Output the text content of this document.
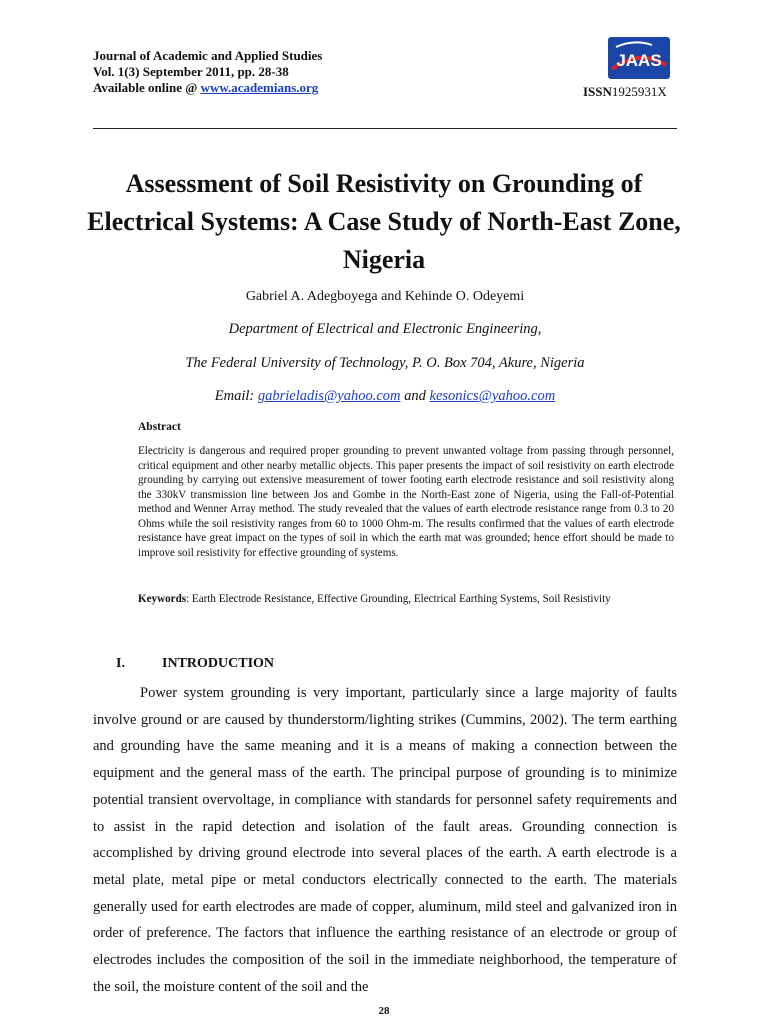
Journal of Academic and Applied Studies
Vol. 1(3) September 2011, pp. 28-38
Available online @ www.academians.org
JAAS
ISSN1925931X
Assessment of Soil Resistivity on Grounding of Electrical Systems: A Case Study of North-East Zone, Nigeria
Gabriel A. Adegboyega and Kehinde O. Odeyemi
Department of Electrical and Electronic Engineering,
The Federal University of Technology, P. O. Box 704, Akure, Nigeria
Email: gabrieladis@yahoo.com and kesonics@yahoo.com
Abstract
Electricity is dangerous and required proper grounding to prevent unwanted voltage from passing through personnel, critical equipment and other nearby metallic objects. This paper presents the impact of soil resistivity on earth electrode grounding by carrying out extensive measurement of tower footing earth electrode resistance and soil resistivity along the 330kV transmission line between Jos and Gombe in the North-East zone of Nigeria, using the Fall-of-Potential method and Wenner Array method. The study revealed that the values of earth electrode resistance range from 0.3 to 20 Ohms while the soil resistivity ranges from 60 to 1000 Ohm-m. The results confirmed that the values of earth electrode resistance have great impact on the types of soil in which the earth mat was grounded; hence effort should be made to improve soil resistivity for effective grounding of systems.
Keywords: Earth Electrode Resistance, Effective Grounding, Electrical Earthing Systems, Soil Resistivity
I.	INTRODUCTION
Power system grounding is very important, particularly since a large majority of faults involve ground or are caused by thunderstorm/lighting strikes (Cummins, 2002). The term earthing and grounding have the same meaning and it is a means of making a connection between the equipment and the general mass of the earth. The principal purpose of grounding is to minimize potential transient overvoltage, in compliance with standards for personnel safety requirements and to assist in the rapid detection and isolation of the fault areas. Grounding connection is accomplished by driving ground electrode into several places of the earth. A earth electrode is a metal plate, metal pipe or metal conductors electrically connected to the earth. The materials generally used for earth electrodes are made of copper, aluminum, mild steel and galvanized iron in order of preference. The factors that influence the earthing resistance of an electrode or group of electrodes includes the composition of the soil in the immediate neighborhood, the temperature of the soil, the moisture content of the soil and the
28
